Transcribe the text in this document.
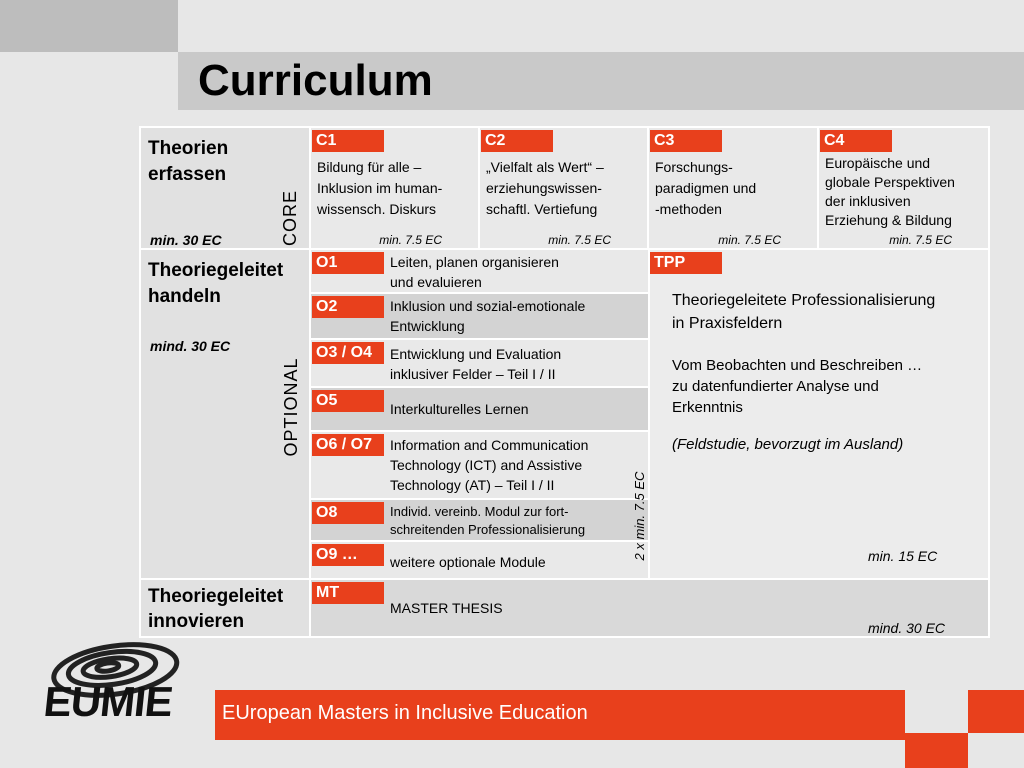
Curriculum
Theorien
erfassen
min. 30 EC	CORE
C1
Bildung für alle –
Inklusion im human-
wissensch. Diskurs
min. 7.5 EC
C2
„Vielfalt als Wert“ –
erziehungswissen-
schaftl. Vertiefung
min. 7.5 EC
C3
Forschungs-
paradigmen und
-methoden
min. 7.5 EC
C4
Europäische und
globale Perspektiven
der inklusiven
Erziehung & Bildung
min. 7.5 EC
Theoriegeleitet
handeln
mind. 30 EC
OPTIONAL
O1	Leiten, planen organisieren
und evaluieren
O2	Inklusion und sozial-emotionale
Entwicklung
O3 / O4	Entwicklung und Evaluation
inklusiver Felder – Teil I / II
O5	Interkulturelles Lernen
O6 / O7	Information and Communication
Technology (ICT) and Assistive
Technology (AT) – Teil I / II
O8	Individ. vereinb. Modul zur fort-
schreitenden Professionalisierung
O9 …	weitere optionale Module
2 x min. 7.5 EC
TPP
Theoriegeleitete Professionalisierung
in Praxisfeldern
Vom Beobachten und Beschreiben …
zu datenfundierter Analyse und
Erkenntnis
(Feldstudie, bevorzugt im Ausland)
min. 15 EC
Theoriegeleitet
innovieren
MT
MASTER THESIS
mind. 30 EC
EUMIE EUropean Masters in Inclusive Education
